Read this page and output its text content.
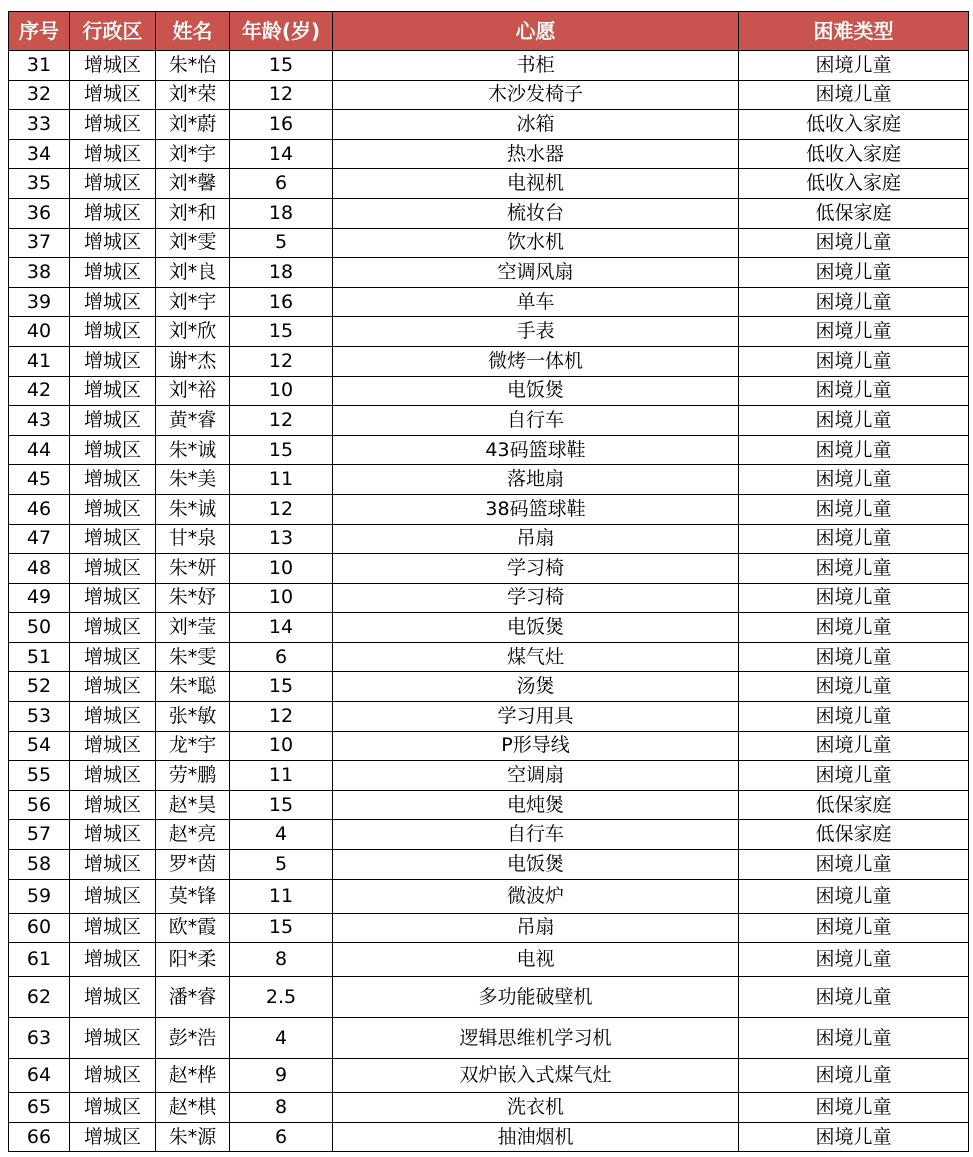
序号	行政区	姓名	年龄(岁)	心愿	困难类型
31	增城区	朱*怡	15	书柜	困境儿童
32	增城区	刘*荣	12	木沙发椅子	困境儿童
33	增城区	刘*蔚	16	冰箱	低收入家庭
34	增城区	刘*宇	14	热水器	低收入家庭
35	增城区	刘*馨	6	电视机	低收入家庭
36	增城区	刘*和	18	梳妆台	低保家庭
37	增城区	刘*雯	5	饮水机	困境儿童
38	增城区	刘*良	18	空调风扇	困境儿童
39	增城区	刘*宇	16	单车	困境儿童
40	增城区	刘*欣	15	手表	困境儿童
41	增城区	谢*杰	12	微烤一体机	困境儿童
42	增城区	刘*裕	10	电饭煲	困境儿童
43	增城区	黄*睿	12	自行车	困境儿童
44	增城区	朱*诚	15	43码篮球鞋	困境儿童
45	增城区	朱*美	11	落地扇	困境儿童
46	增城区	朱*诚	12	38码篮球鞋	困境儿童
47	增城区	甘*泉	13	吊扇	困境儿童
48	增城区	朱*妍	10	学习椅	困境儿童
49	增城区	朱*妤	10	学习椅	困境儿童
50	增城区	刘*莹	14	电饭煲	困境儿童
51	增城区	朱*雯	6	煤气灶	困境儿童
52	增城区	朱*聪	15	汤煲	困境儿童
53	增城区	张*敏	12	学习用具	困境儿童
54	增城区	龙*宇	10	P形导线	困境儿童
55	增城区	劳*鹏	11	空调扇	困境儿童
56	增城区	赵*昊	15	电炖煲	低保家庭
57	增城区	赵*亮	4	自行车	低保家庭
58	增城区	罗*茵	5	电饭煲	困境儿童
59	增城区	莫*锋	11	微波炉	困境儿童
60	增城区	欧*霞	15	吊扇	困境儿童
61	增城区	阳*柔	8	电视	困境儿童
62	增城区	潘*睿	2.5	多功能破壁机	困境儿童
63	增城区	彭*浩	4	逻辑思维机学习机	困境儿童
64	增城区	赵*桦	9	双炉嵌入式煤气灶	困境儿童
65	增城区	赵*棋	8	洗衣机	困境儿童
66	增城区	朱*源	6	抽油烟机	困境儿童
